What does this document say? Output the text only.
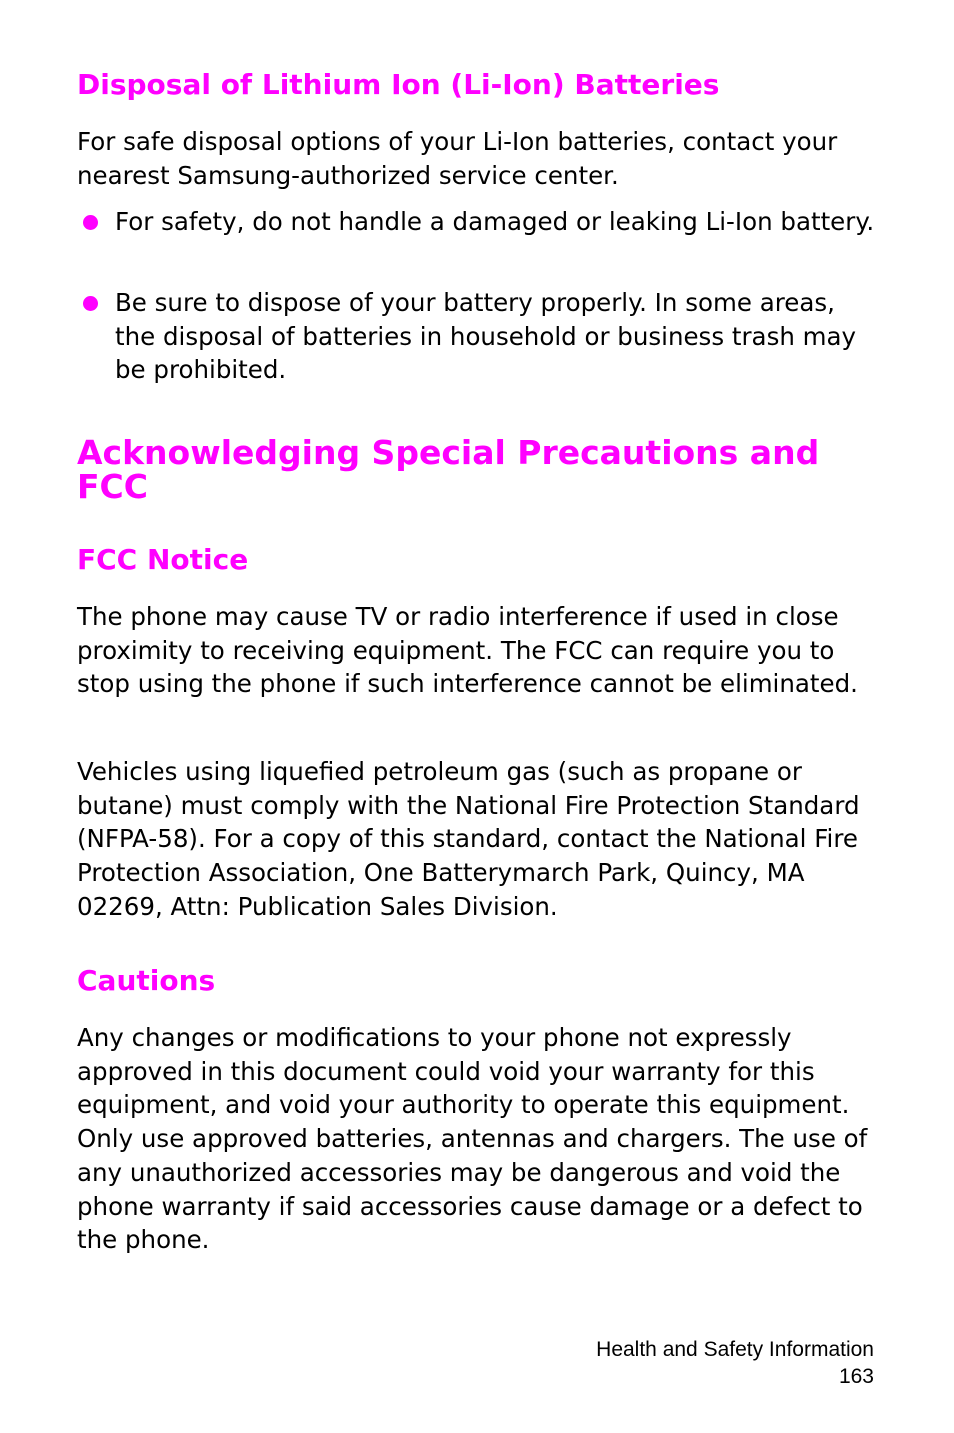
Disposal of Lithium Ion (Li-Ion) Batteries

For safe disposal options of your Li-Ion batteries, contact your nearest Samsung-authorized service center.

For safety, do not handle a damaged or leaking Li-Ion battery.

Be sure to dispose of your battery properly. In some areas, the disposal of batteries in household or business trash may be prohibited.

Acknowledging Special Precautions and FCC
FCC Notice

The phone may cause TV or radio interference if used in close proximity to receiving equipment. The FCC can require you to stop using the phone if such interference cannot be eliminated.

Vehicles using liquefied petroleum gas (such as propane or butane) must comply with the National Fire Protection Standard (NFPA-58). For a copy of this standard, contact the National Fire Protection Association, One Batterymarch Park, Quincy, MA 02269, Attn: Publication Sales Division.

Cautions

Any changes or modifications to your phone not expressly approved in this document could void your warranty for this equipment, and void your authority to operate this equipment. Only use approved batteries, antennas and chargers. The use of any unauthorized accessories may be dangerous and void the phone warranty if said accessories cause damage or a defect to the phone.

Health and Safety Information
163
